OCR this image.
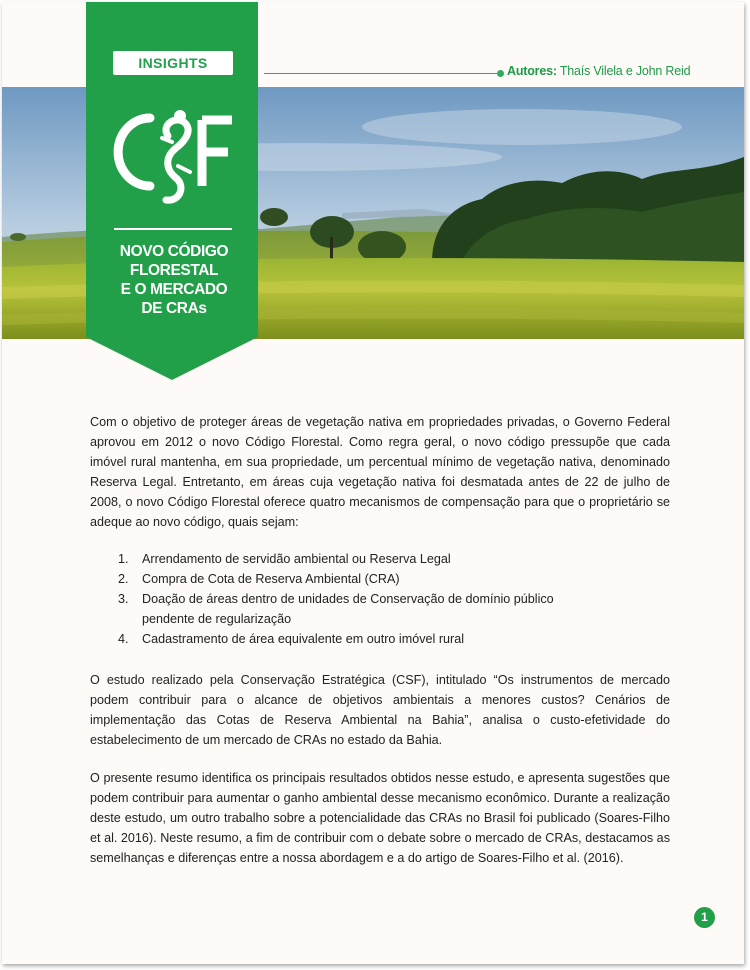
Autores: Thaís Vilela e John Reid
INSIGHTS
NOVO CÓDIGO
FLORESTAL
E O MERCADO
DE CRAs

Com o objetivo de proteger áreas de vegetação nativa em propriedades privadas, o Governo Federal aprovou em 2012 o novo Código Florestal. Como regra geral, o novo código pressupõe que cada imóvel rural mantenha, em sua propriedade, um percentual mínimo de vegetação nativa, denominado Reserva Legal. Entretanto, em áreas cuja vegetação nativa foi desmatada antes de 22 de julho de 2008, o novo Código Florestal oferece quatro mecanismos de compensação para que o proprietário se adeque ao novo código, quais sejam:

1.	Arrendamento de servidão ambiental ou Reserva Legal
2.	Compra de Cota de Reserva Ambiental (CRA)
3.	Doação de áreas dentro de unidades de Conservação de domínio público pendente de regularização
4.	Cadastramento de área equivalente em outro imóvel rural

O estudo realizado pela Conservação Estratégica (CSF), intitulado “Os instrumentos de mercado podem contribuir para o alcance de objetivos ambientais a menores custos? Cenários de implementação das Cotas de Reserva Ambiental na Bahia”, analisa o custo-efetividade do estabelecimento de um mercado de CRAs no estado da Bahia.

O presente resumo identifica os principais resultados obtidos nesse estudo, e apresenta sugestões que podem contribuir para aumentar o ganho ambiental desse mecanismo econômico. Durante a realização deste estudo, um outro trabalho sobre a potencialidade das CRAs no Brasil foi publicado (Soares-Filho et al. 2016). Neste resumo, a fim de contribuir com o debate sobre o mercado de CRAs, destacamos as semelhanças e diferenças entre a nossa abordagem e a do artigo de Soares-Filho et al. (2016).

1
